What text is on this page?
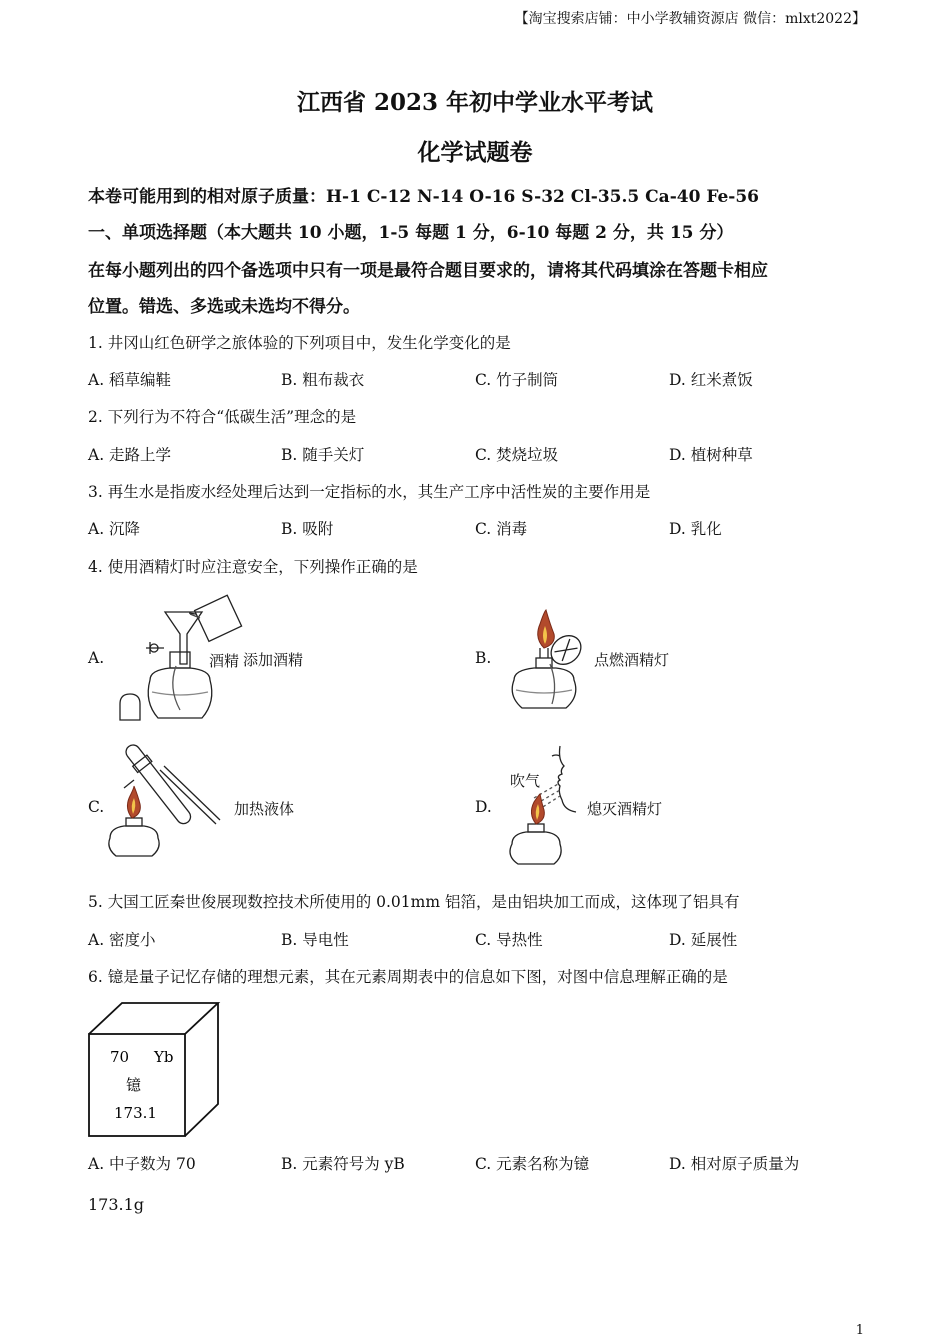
【淘宝搜索店铺：中小学教辅资源店 微信：mlxt2022】
江西省 2023 年初中学业水平考试
化学试题卷
本卷可能用到的相对原子质量：H-1 C-12 N-14 O-16 S-32 Cl-35.5 Ca-40 Fe-56
一、单项选择题（本大题共 10 小题，1-5 每题 1 分，6-10 每题 2 分，共 15 分）
在每小题列出的四个备选项中只有一项是最符合题目要求的，请将其代码填涂在答题卡相应
位置。错选、多选或未选均不得分。
1. 井冈山红色研学之旅体验的下列项目中，发生化学变化的是
A. 稻草编鞋	B. 粗布裁衣	C. 竹子制筒	D. 红米煮饭
2. 下列行为不符合“低碳生活”理念的是
A. 走路上学	B. 随手关灯	C. 焚烧垃圾	D. 植树种草
3. 再生水是指废水经处理后达到一定指标的水，其生产工序中活性炭的主要作用是
A. 沉降	B. 吸附	C. 消毒	D. 乳化
4. 使用酒精灯时应注意安全，下列操作正确的是
A.	酒精 添加酒精	B.	点燃酒精灯
C.	加热液体	D.
吹气
熄灭酒精灯
5. 大国工匠秦世俊展现数控技术所使用的 0.01mm 铝箔，是由铝块加工而成，这体现了铝具有
A. 密度小	B. 导电性	C. 导热性	D. 延展性
6. 镱是量子记忆存储的理想元素，其在元素周期表中的信息如下图，对图中信息理解正确的是
70 Yb
镱
173.1
A. 中子数为 70	B. 元素符号为 yB	C. 元素名称为镱	D. 相对原子质量为
173.1g
1
